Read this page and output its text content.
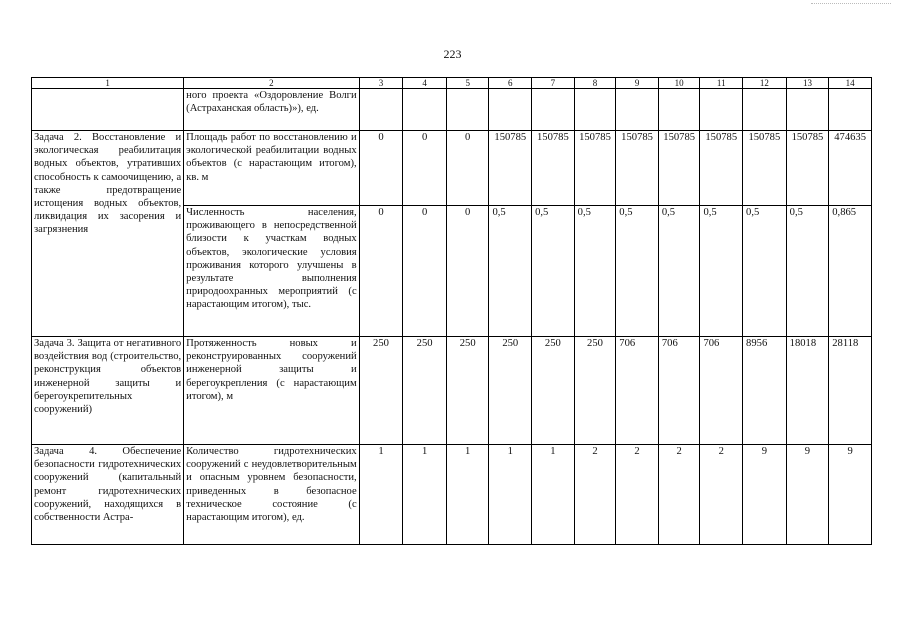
223
1	2	3	4	5	6	7	8	9	10	11	12	13	14
	ного проекта «Оздоровление Волги (Астраханская область)»), ед.												
Задача 2. Восстановление и экологическая реабилитация водных объектов, утративших способность к самоочищению, а также предотвращение истощения водных объектов, ликвидация их засорения и загрязнения	Площадь работ по восстановлению и экологической реабилитации водных объектов (с нарастающим итогом), кв. м	0	0	0	150785	150785	150785	150785	150785	150785	150785	150785	474635
	Численность населения, проживающего в непосредственной близости к участкам водных объектов, экологические условия проживания которого улучшены в результате выполнения природоохранных мероприятий (с нарастающим итогом), тыс.	0	0	0	0,5	0,5	0,5	0,5	0,5	0,5	0,5	0,5	0,865
Задача 3. Защита от негативного воздействия вод (строительство, реконструкция объектов инженерной защиты и берегоукрепительных сооружений)	Протяженность новых и реконструированных сооружений инженерной защиты и берегоукрепления (с нарастающим итогом), м	250	250	250	250	250	250	706	706	706	8956	18018	28118
Задача 4. Обеспечение безопасности гидротехнических сооружений (капитальный ремонт гидротехнических сооружений, находящихся в собственности Астра-	Количество гидротехнических сооружений с неудовлетворительным и опасным уровнем безопасности, приведенных в безопасное техническое состояние (с нарастающим итогом), ед.	1	1	1	1	1	2	2	2	2	9	9	9
